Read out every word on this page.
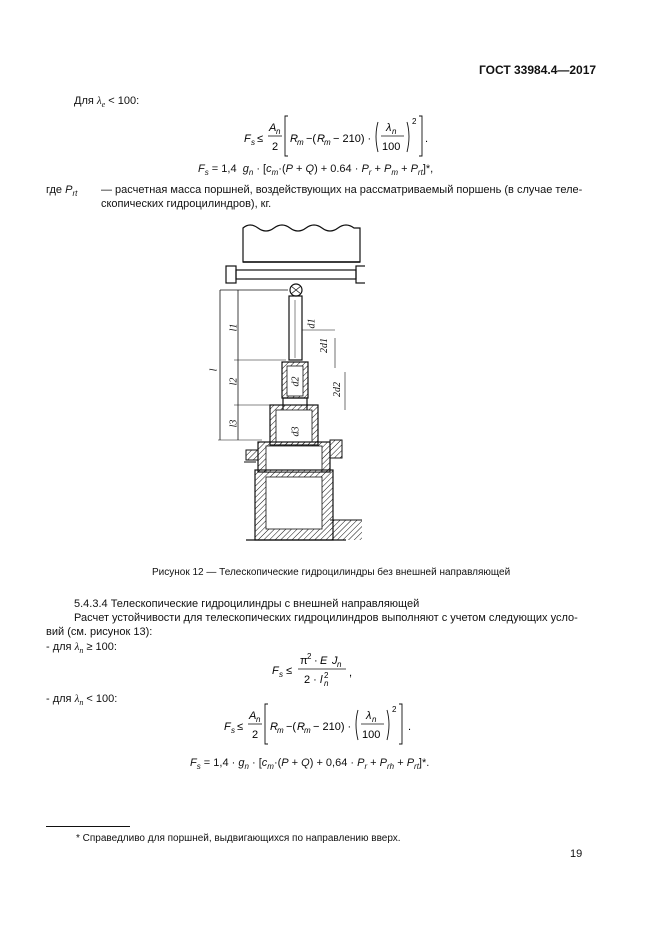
ГОСТ 33984.4—2017
Для $\lambda_e < 100$:
F s ≤
A n
2
R m −( R m − 210) ·
λ n
100
2
.
$F_s = 1,4$  $g_n \cdot [c_m\cdot(P + Q) + 0.64 \cdot P_r + P_m + P_{rt}]*$,
где $P_{rt}$ — расчетная масса поршней, воздействующих на рассматриваемый поршень (в случае теле-
скопических гидроцилиндров), кг.
l
l1
l2
l3
d1
2d1
d2
2d2
d3
Рисунок 12 — Телескопические гидроцилиндры без внешней направляющей
5.4.3.4 Телескопические гидроцилиндры с внешней направляющей
Расчет устойчивости для телескопических гидроцилиндров выполняют с учетом следующих усло-
вий (см. рисунок 13):
- для $\lambda_n \ge 100$:
F s ≤
π 2 · E J n
2 · l 2
n
,
- для $\lambda_n < 100$:
F s ≤
A n
2
R m −( R m − 210) ·
λ n
100
2
.
$F_s = 1,4 \cdot g_n \cdot [c_m\cdot(P + Q) + 0,64 \cdot P_r + P_{rh} + P_{rt}]*$.
* Справедливо для поршней, выдвигающихся по направлению вверх.
19
